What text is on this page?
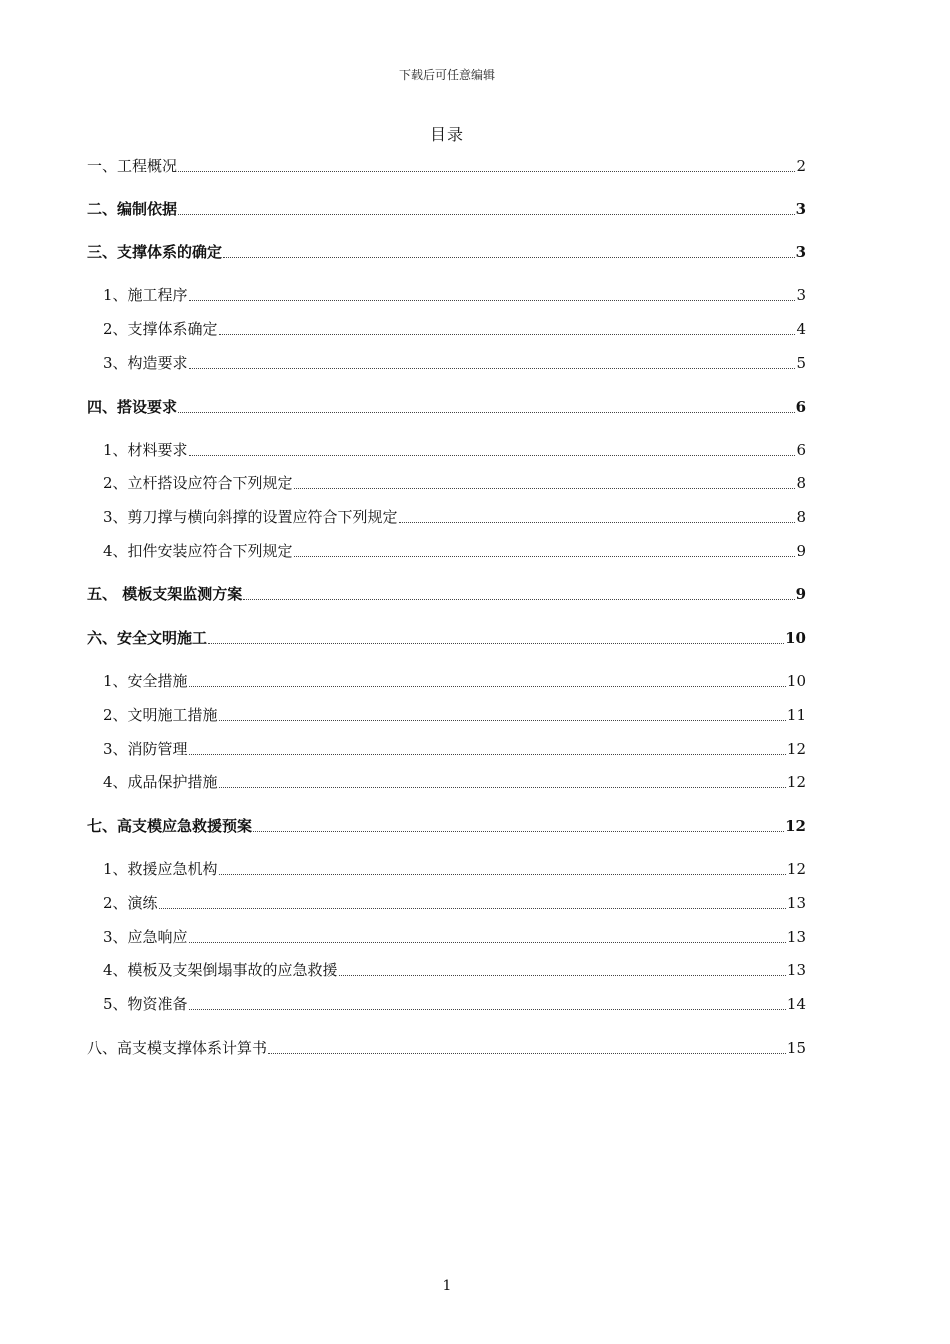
下载后可任意编辑
目录
一、工程概况	2
二、编制依据	3
三、支撑体系的确定	3
1、施工程序	3
2、支撑体系确定	4
3、构造要求	5
四、搭设要求	6
1、材料要求	6
2、立杆搭设应符合下列规定	8
3、剪刀撑与横向斜撑的设置应符合下列规定	8
4、扣件安装应符合下列规定	9
五、 模板支架监测方案	9
六、安全文明施工	10
1、安全措施	10
2、文明施工措施	11
3、消防管理	12
4、成品保护措施	12
七、高支模应急救援预案	12
1、救援应急机构	12
2、演练	13
3、应急响应	13
4、模板及支架倒塌事故的应急救援	13
5、物资准备	14
八、高支模支撑体系计算书	15
1
